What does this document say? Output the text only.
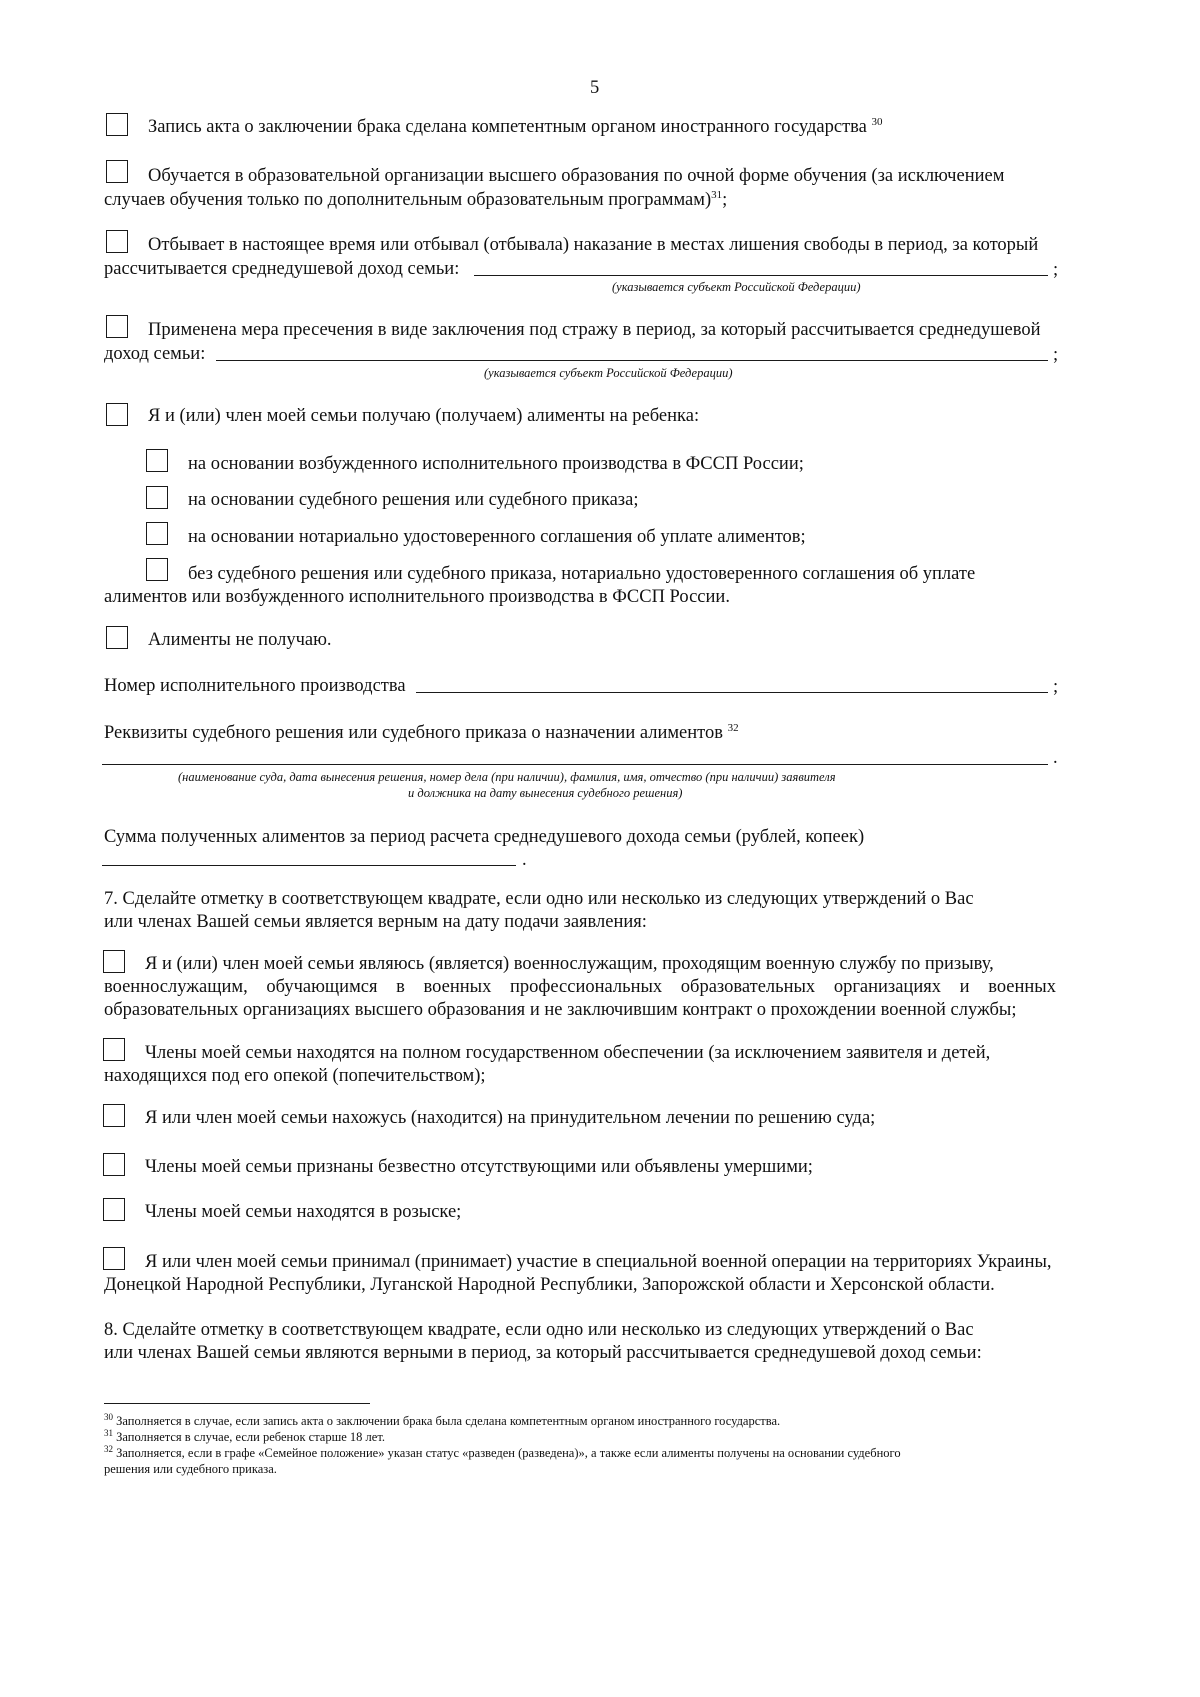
5
Запись акта о заключении брака сделана компетентным органом иностранного государства $^{30}$
Обучается в образовательной организации высшего образования по очной форме обучения (за исключением
случаев обучения только по дополнительным образовательным программам)$^{31}$;
Отбывает в настоящее время или отбывал (отбывала) наказание в местах лишения свободы в период, за который
рассчитывается среднедушевой доход семьи:	;
(указывается субъект Российской Федерации)
Применена мера пресечения в виде заключения под стражу в период, за который рассчитывается среднедушевой
доход семьи:	;
(указывается субъект Российской Федерации)
Я и (или) член моей семьи получаю (получаем) алименты на ребенка:
на основании возбужденного исполнительного производства в ФССП России;
на основании судебного решения или судебного приказа;
на основании нотариально удостоверенного соглашения об уплате алиментов;
без судебного решения или судебного приказа, нотариально удостоверенного соглашения об уплате
алиментов или возбужденного исполнительного производства в ФССП России.
Алименты не получаю.
Номер исполнительного производства	;
Реквизиты судебного решения или судебного приказа о назначении алиментов $^{32}$
.
(наименование суда, дата вынесения решения, номер дела (при наличии), фамилия, имя, отчество (при наличии) заявителя
и должника на дату вынесения судебного решения)
Сумма полученных алиментов за период расчета среднедушевого дохода семьи (рублей, копеек)
.
7. Сделайте отметку в соответствующем квадрате, если одно или несколько из следующих утверждений о Вас
или членах Вашей семьи является верным на дату подачи заявления:
Я и (или) член моей семьи являюсь (является) военнослужащим, проходящим военную службу по призыву,
военнослужащим, обучающимся в военных профессиональных образовательных организациях и военных
образовательных организациях высшего образования и не заключившим контракт о прохождении военной службы;
Члены моей семьи находятся на полном государственном обеспечении (за исключением заявителя и детей,
находящихся под его опекой (попечительством);
Я или член моей семьи нахожусь (находится) на принудительном лечении по решению суда;
Члены моей семьи признаны безвестно отсутствующими или объявлены умершими;
Члены моей семьи находятся в розыске;
Я или член моей семьи принимал (принимает) участие в специальной военной операции на территориях Украины,
Донецкой Народной Республики, Луганской Народной Республики, Запорожской области и Херсонской области.
8. Сделайте отметку в соответствующем квадрате, если одно или несколько из следующих утверждений о Вас
или членах Вашей семьи являются верными в период, за который рассчитывается среднедушевой доход семьи:
$^{30}$ Заполняется в случае, если запись акта о заключении брака была сделана компетентным органом иностранного государства.
$^{31}$ Заполняется в случае, если ребенок старше 18 лет.
$^{32}$ Заполняется, если в графе «Семейное положение» указан статус «разведен (разведена)», а также если алименты получены на основании судебного
решения или судебного приказа.
